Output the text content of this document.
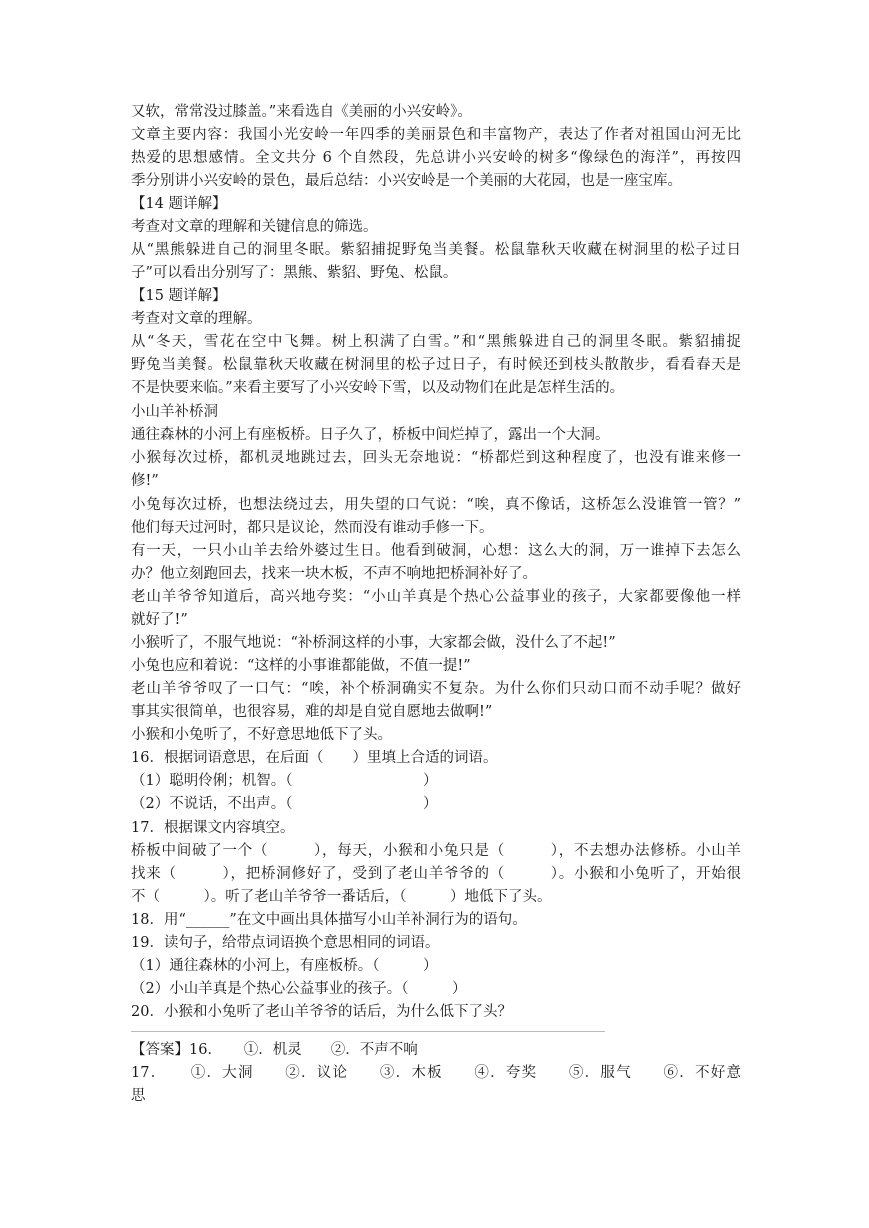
又软，常常没过膝盖。”来看选自《美丽的小兴安岭》。
文章主要内容：我国小光安岭一年四季的美丽景色和丰富物产，表达了作者对祖国山河无比
热爱的思想感情。全文共分 6 个自然段，先总讲小兴安岭的树多“像绿色的海洋”，再按四
季分别讲小兴安岭的景色，最后总结：小兴安岭是一个美丽的大花园，也是一座宝库。
【14 题详解】
考查对文章的理解和关键信息的筛选。
从“黑熊躲进自己的洞里冬眠。紫貂捕捉野兔当美餐。松鼠靠秋天收藏在树洞里的松子过日
子”可以看出分别写了：黑熊、紫貂、野兔、松鼠。
【15 题详解】
考查对文章的理解。
从“冬天，雪花在空中飞舞。树上积满了白雪。”和“黑熊躲进自己的洞里冬眠。紫貂捕捉
野兔当美餐。松鼠靠秋天收藏在树洞里的松子过日子，有时候还到枝头散散步，看看春天是
不是快要来临。”来看主要写了小兴安岭下雪，以及动物们在此是怎样生活的。
小山羊补桥洞
通往森林的小河上有座板桥。日子久了，桥板中间烂掉了，露出一个大洞。
小猴每次过桥，都机灵地跳过去，回头无奈地说：“桥都烂到这种程度了，也没有谁来修一
修!”
小兔每次过桥，也想法绕过去，用失望的口气说：“唉，真不像话，这桥怎么没谁管一管？”
他们每天过河时，都只是议论，然而没有谁动手修一下。
有一天，一只小山羊去给外婆过生日。他看到破洞，心想：这么大的洞，万一谁掉下去怎么
办？他立刻跑回去，找来一块木板，不声不响地把桥洞补好了。
老山羊爷爷知道后，高兴地夸奖：“小山羊真是个热心公益事业的孩子，大家都要像他一样
就好了!”
小猴听了，不服气地说：“补桥洞这样的小事，大家都会做，没什么了不起!”
小兔也应和着说：“这样的小事谁都能做，不值一提!”
老山羊爷爷叹了一口气：“唉，补个桥洞确实不复杂。为什么你们只动口而不动手呢？做好
事其实很简单，也很容易，难的却是自觉自愿地去做啊!”
小猴和小兔听了，不好意思地低下了头。
16．根据词语意思，在后面（　　）里填上合适的词语。
（1）聪明伶俐；机智。（　　　　　　　　　）
（2）不说话，不出声。（　　　　　　　　　）
17．根据课文内容填空。
桥板中间破了一个（　　　），每天，小猴和小兔只是（　　　），不去想办法修桥。小山羊
找来（　　　），把桥洞修好了，受到了老山羊爷爷的（　　　）。小猴和小兔听了，开始很
不（　　　）。听了老山羊爷爷一番话后，（　　　）地低下了头。
18．用“______”在文中画出具体描写小山羊补洞行为的语句。
19．读句子，给带点词语换个意思相同的词语。
（1）通往森林的小河上，有座板桥。（　　　）
（2）小山羊真是个热心公益事业的孩子。（　　　）
20．小猴和小兔听了老山羊爷爷的话后，为什么低下了头？
【答案】16．　　①．机灵　　②．不声不响
17．　　①．大洞　　②．议论　　③．木板　　④．夸奖　　⑤．服气　　⑥．不好意
思
